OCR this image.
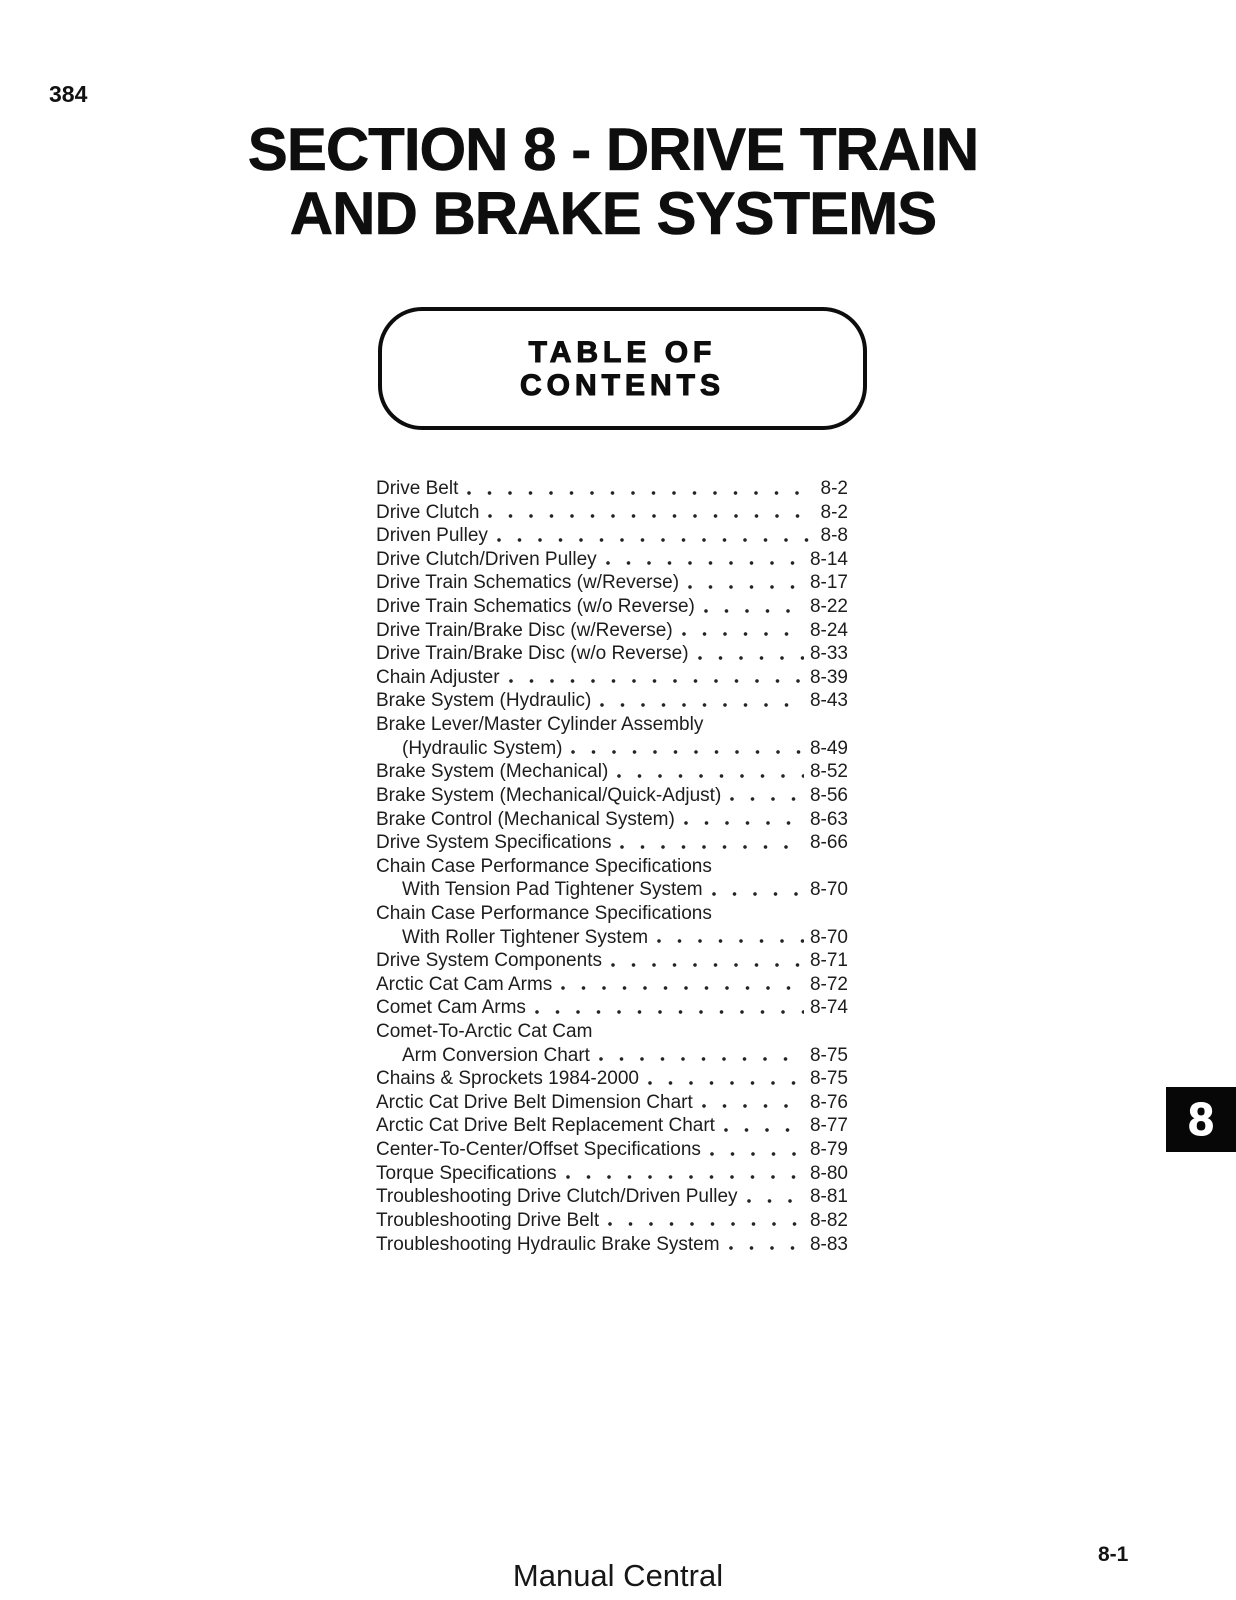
384
SECTION 8 - DRIVE TRAIN
AND BRAKE SYSTEMS
TABLE OF
CONTENTS
Drive Belt	8-2
Drive Clutch	8-2
Driven Pulley	8-8
Drive Clutch/Driven Pulley	8-14
Drive Train Schematics (w/Reverse)	8-17
Drive Train Schematics (w/o Reverse)	8-22
Drive Train/Brake Disc (w/Reverse)	8-24
Drive Train/Brake Disc (w/o Reverse)	8-33
Chain Adjuster	8-39
Brake System (Hydraulic)	8-43
Brake Lever/Master Cylinder Assembly
(Hydraulic System)	8-49
Brake System (Mechanical)	8-52
Brake System (Mechanical/Quick-Adjust)	8-56
Brake Control (Mechanical System)	8-63
Drive System Specifications	8-66
Chain Case Performance Specifications
With Tension Pad Tightener System	8-70
Chain Case Performance Specifications
With Roller Tightener System	8-70
Drive System Components	8-71
Arctic Cat Cam Arms	8-72
Comet Cam Arms	8-74
Comet-To-Arctic Cat Cam
Arm Conversion Chart	8-75
Chains & Sprockets 1984-2000	8-75
Arctic Cat Drive Belt Dimension Chart	8-76
Arctic Cat Drive Belt Replacement Chart	8-77
Center-To-Center/Offset Specifications	8-79
Torque Specifications	8-80
Troubleshooting Drive Clutch/Driven Pulley	8-81
Troubleshooting Drive Belt	8-82
Troubleshooting Hydraulic Brake System	8-83
8
8-1
Manual Central
